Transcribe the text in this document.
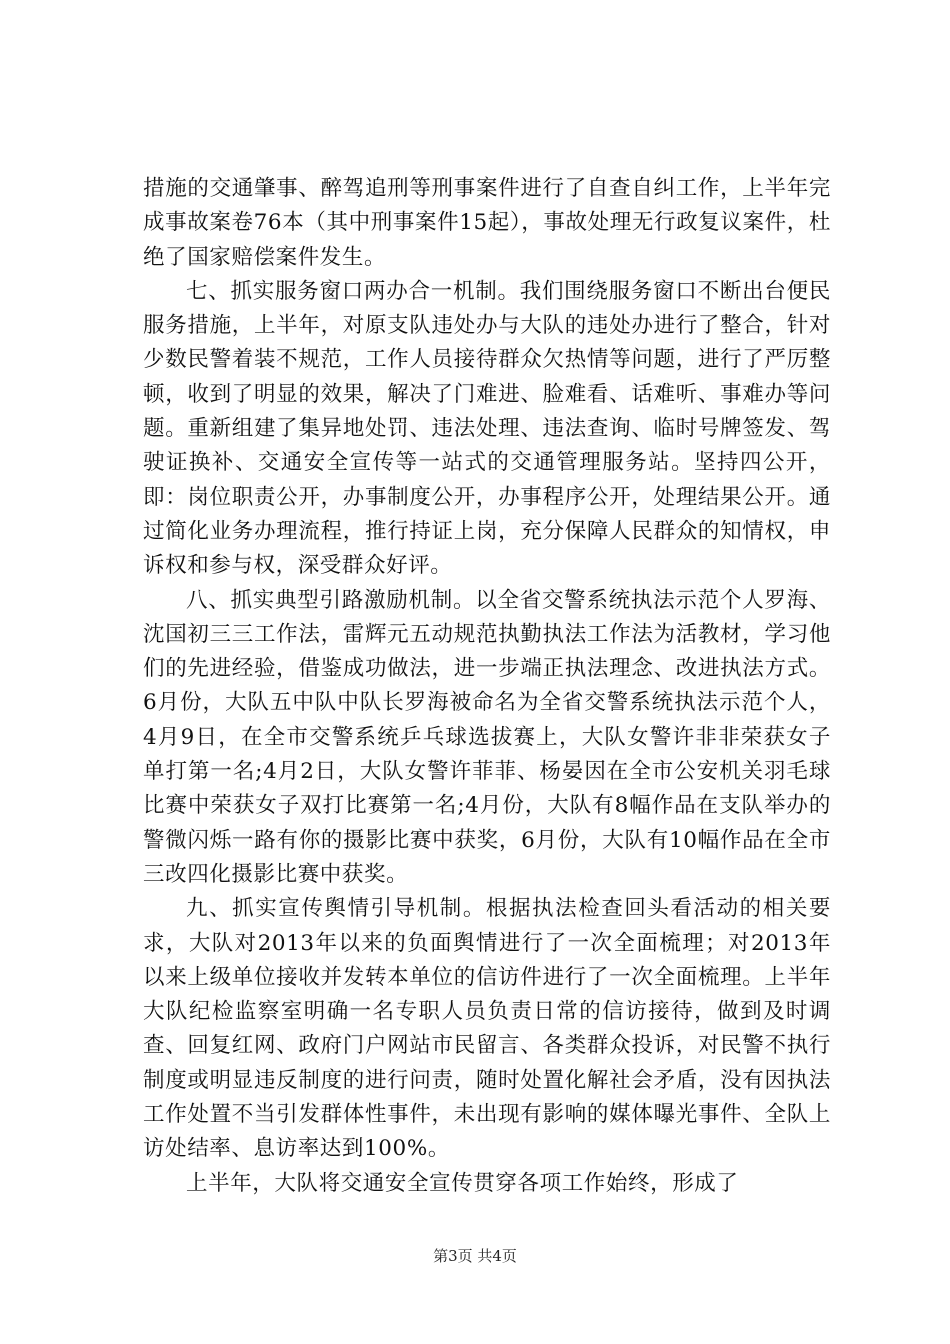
措施的交通肇事、醉驾追刑等刑事案件进行了自查自纠工作，上半年完成事故案卷76本（其中刑事案件15起），事故处理无行政复议案件，杜绝了国家赔偿案件发生。

七、抓实服务窗口两办合一机制。我们围绕服务窗口不断出台便民服务措施，上半年，对原支队违处办与大队的违处办进行了整合，针对少数民警着装不规范，工作人员接待群众欠热情等问题，进行了严厉整顿，收到了明显的效果，解决了门难进、脸难看、话难听、事难办等问题。重新组建了集异地处罚、违法处理、违法查询、临时号牌签发、驾驶证换补、交通安全宣传等一站式的交通管理服务站。坚持四公开，即：岗位职责公开，办事制度公开，办事程序公开，处理结果公开。通过简化业务办理流程，推行持证上岗，充分保障人民群众的知情权，申诉权和参与权，深受群众好评。

八、抓实典型引路激励机制。以全省交警系统执法示范个人罗海、沈国初三三工作法，雷辉元五动规范执勤执法工作法为活教材，学习他们的先进经验，借鉴成功做法，进一步端正执法理念、改进执法方式。6月份，大队五中队中队长罗海被命名为全省交警系统执法示范个人，4月9日，在全市交警系统乒乓球选拔赛上，大队女警许非非荣获女子单打第一名;4月2日，大队女警许菲菲、杨晏因在全市公安机关羽毛球比赛中荣获女子双打比赛第一名;4月份，大队有8幅作品在支队举办的警微闪烁一路有你的摄影比赛中获奖，6月份，大队有10幅作品在全市三改四化摄影比赛中获奖。

九、抓实宣传舆情引导机制。根据执法检查回头看活动的相关要求，大队对2013年以来的负面舆情进行了一次全面梳理；对2013年以来上级单位接收并发转本单位的信访件进行了一次全面梳理。上半年大队纪检监察室明确一名专职人员负责日常的信访接待，做到及时调查、回复红网、政府门户网站市民留言、各类群众投诉，对民警不执行制度或明显违反制度的进行问责，随时处置化解社会矛盾，没有因执法工作处置不当引发群体性事件，未出现有影响的媒体曝光事件、全队上访处结率、息访率达到100%。

上半年，大队将交通安全宣传贯穿各项工作始终，形成了

第3页 共4页
